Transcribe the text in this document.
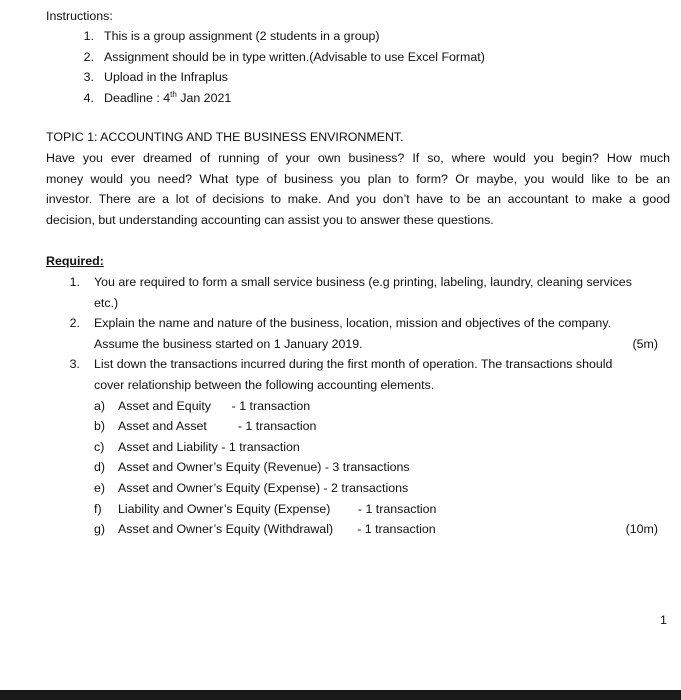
Instructions:
1. This is a group assignment (2 students in a group)
2. Assignment should be in type written.(Advisable to use Excel Format)
3. Upload in the Infraplus
4. Deadline : 4th Jan 2021
TOPIC 1: ACCOUNTING AND THE BUSINESS ENVIRONMENT.
Have you ever dreamed of running of your own business? If so, where would you begin? How much
money would you need? What type of business you plan to form? Or maybe, you would like to be an
investor. There are a lot of decisions to make. And you don’t have to be an accountant to make a good
decision, but understanding accounting can assist you to answer these questions.
Required:
1. You are required to form a small service business (e.g printing, labeling, laundry, cleaning services
etc.)
2. Explain the name and nature of the business, location, mission and objectives of the company.
Assume the business started on 1 January 2019.	(5m)
3. List down the transactions incurred during the first month of operation. The transactions should
cover relationship between the following accounting elements.
a)	Asset and Equity - 1 transaction
b)	Asset and Asset - 1 transaction
c)	Asset and Liability - 1 transaction
d)	Asset and Owner’s Equity (Revenue) - 3 transactions
e)	Asset and Owner’s Equity (Expense) - 2 transactions
f)	Liability and Owner’s Equity (Expense) - 1 transaction
g)	Asset and Owner’s Equity (Withdrawal) - 1 transaction	(10m)
1
